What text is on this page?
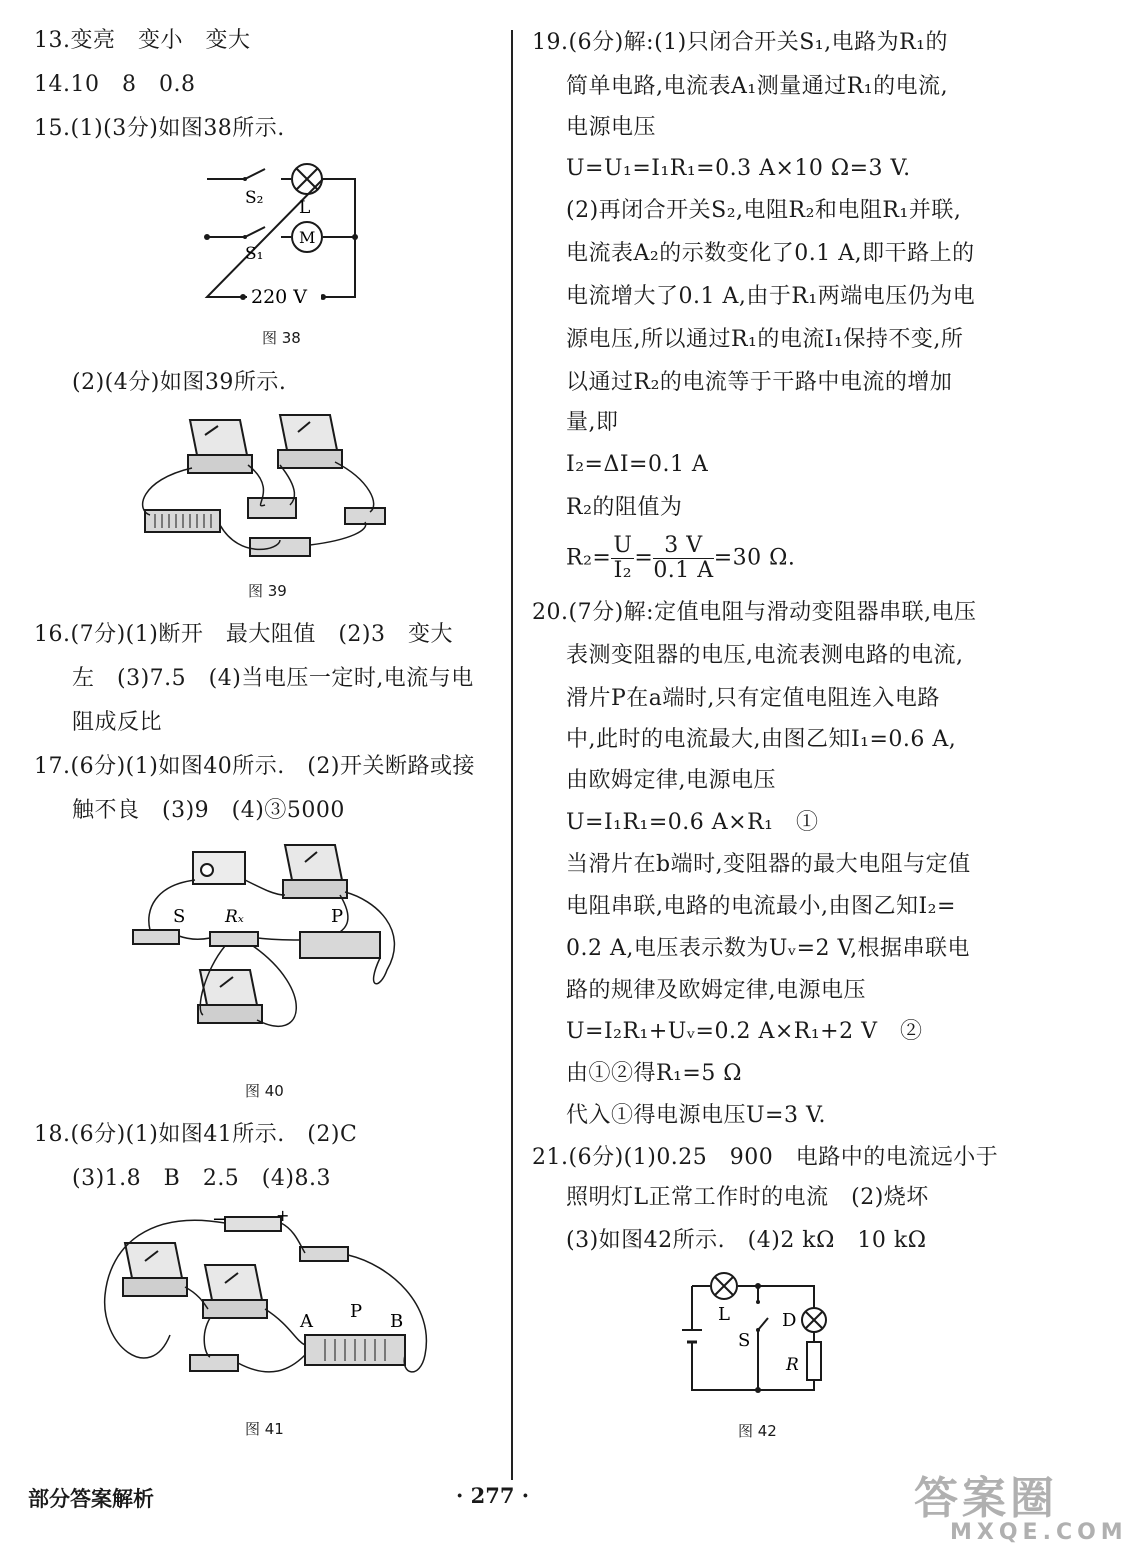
13.变亮　变小　变大
14.10　8　0.8
15.(1)(3分)如图38所示.
S₂ L
M
S₁
220 V
图 38
(2)(4分)如图39所示.
图 39
16.(7分)(1)断开　最大阻值　(2)3　变大
左　(3)7.5　(4)当电压一定时,电流与电
阻成反比
17.(6分)(1)如图40所示.　(2)开关断路或接
触不良　(3)9　(4)③5000
S Rₓ	P
图 40
18.(6分)(1)如图41所示.　(2)C
(3)1.8　B　2.5　(4)8.3
−	+
A P B
图 41
19.(6分)解:(1)只闭合开关S₁,电路为R₁的
简单电路,电流表A₁测量通过R₁的电流,
电源电压
U=U₁=I₁R₁=0.3 A×10 Ω=3 V.
(2)再闭合开关S₂,电阻R₂和电阻R₁并联,
电流表A₂的示数变化了0.1 A,即干路上的
电流增大了0.1 A,由于R₁两端电压仍为电
源电压,所以通过R₁的电流I₁保持不变,所
以通过R₂的电流等于干路中电流的增加
量,即
I₂=ΔI=0.1 A
R₂的阻值为
$R_2= \frac{U}{\text{I₂}} = \frac{3 V}{0.1 A} =30$ Ω.
20.(7分)解:定值电阻与滑动变阻器串联,电压
表测变阻器的电压,电流表测电路的电流,
滑片P在a端时,只有定值电阻连入电路
中,此时的电流最大,由图乙知I₁=0.6 A,
由欧姆定律,电源电压
U=I₁R₁=0.6 A×R₁　①
当滑片在b端时,变阻器的最大电阻与定值
电阻串联,电路的电流最小,由图乙知I₂=
0.2 A,电压表示数为Uᵥ=2 V,根据串联电
路的规律及欧姆定律,电源电压
U=I₂R₁+Uᵥ=0.2 A×R₁+2 V　②
由①②得R₁=5 Ω
代入①得电源电压U=3 V.
21.(6分)(1)0.25　900　电路中的电流远小于
照明灯L正常工作时的电流　(2)烧坏
(3)如图42所示.　(4)2 kΩ　10 kΩ
L
S
D
R
图 42
部分答案解析	· 277 ·	答案圈
MXQE.COM
